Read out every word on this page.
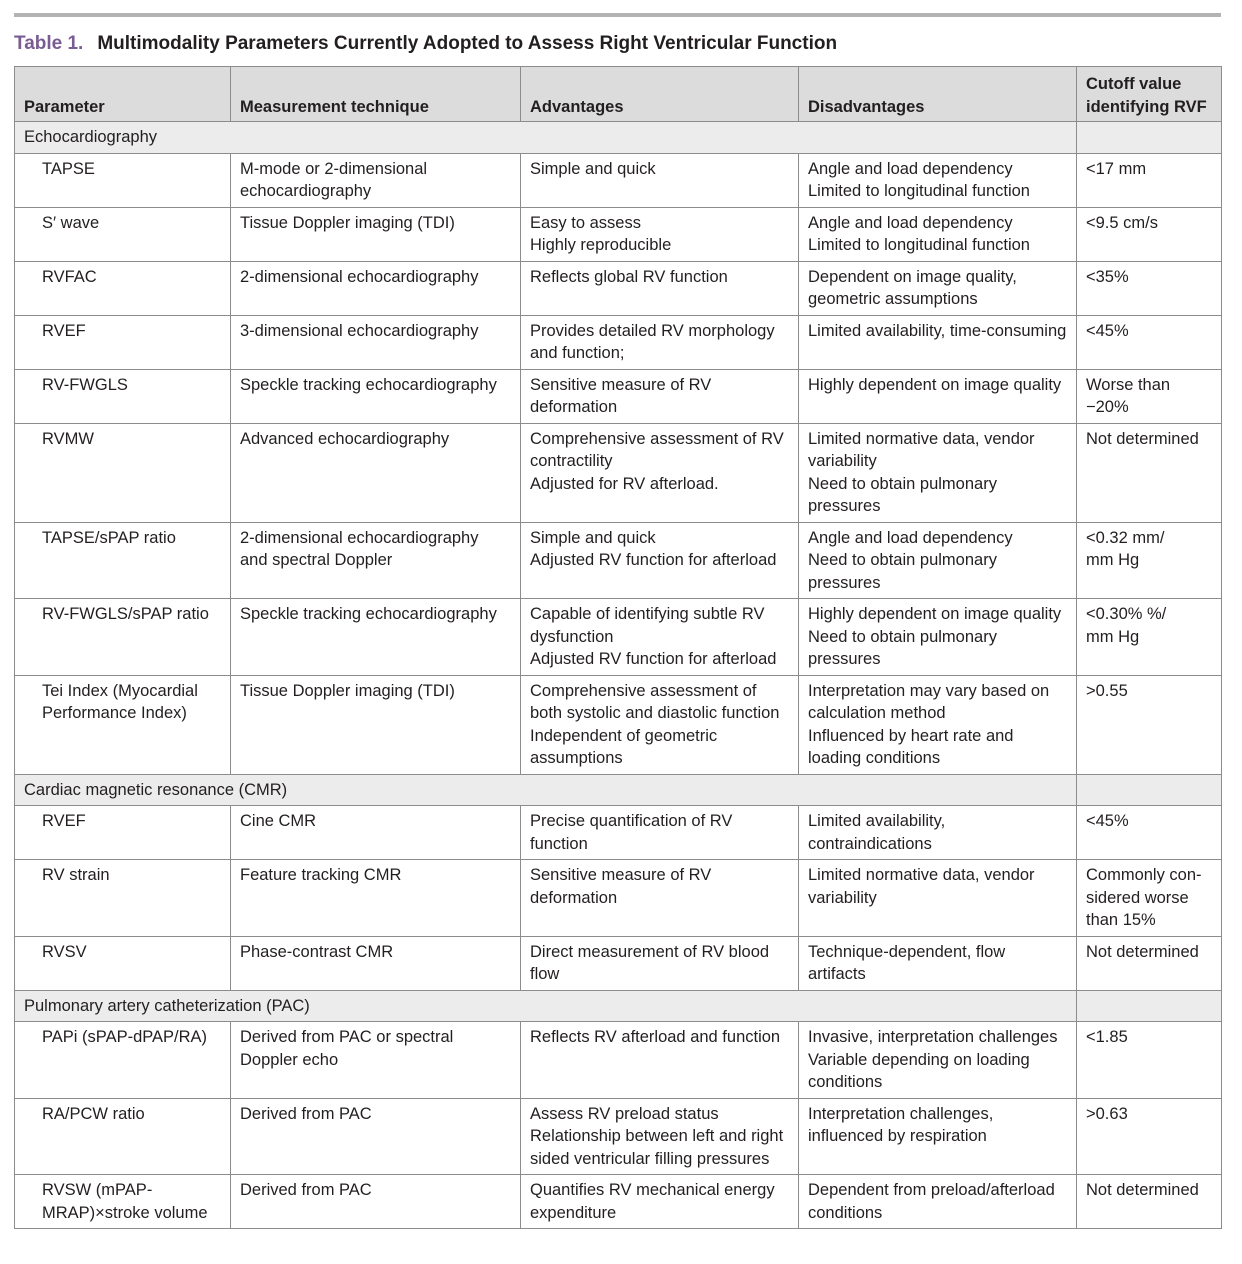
Table 1. Multimodality Parameters Currently Adopted to Assess Right Ventricular Function
Parameter	Measurement technique	Advantages	Disadvantages	Cutoff value
identifying RVF

Echocardiography				

TAPSE	M-mode or 2-dimensional
echocardiography	Simple and quick	Angle and load dependency
Limited to longitudinal function	<17 mm

S′ wave	Tissue Doppler imaging (TDI)	Easy to assess
Highly reproducible	Angle and load dependency
Limited to longitudinal function	<9.5 cm/s

RVFAC	2-dimensional echocardiography	Reflects global RV function	Dependent on image quality,
geometric assumptions	<35%

RVEF	3-dimensional echocardiography	Provides detailed RV morphology
and function;	Limited availability, time-consuming	<45%

RV-FWGLS	Speckle tracking echocardiography	Sensitive measure of RV
deformation	Highly dependent on image quality	Worse than
−20%

RVMW	Advanced echocardiography	Comprehensive assessment of RV
contractility
Adjusted for RV afterload.	Limited normative data, vendor
variability
Need to obtain pulmonary
pressures	Not determined

TAPSE/sPAP ratio	2-dimensional echocardiography
and spectral Doppler	Simple and quick
Adjusted RV function for afterload	Angle and load dependency
Need to obtain pulmonary
pressures	<0.32 mm/
mm Hg

RV-FWGLS/sPAP ratio	Speckle tracking echocardiography	Capable of identifying subtle RV
dysfunction
Adjusted RV function for afterload	Highly dependent on image quality
Need to obtain pulmonary
pressures	<0.30% %/
mm Hg

Tei Index (Myocardial
Performance Index)	Tissue Doppler imaging (TDI)	Comprehensive assessment of
both systolic and diastolic function
Independent of geometric
assumptions	Interpretation may vary based on
calculation method
Influenced by heart rate and
loading conditions	>0.55

Cardiac magnetic resonance (CMR)				

RVEF	Cine CMR	Precise quantification of RV
function	Limited availability,
contraindications	<45%

RV strain	Feature tracking CMR	Sensitive measure of RV
deformation	Limited normative data, vendor
variability	Commonly con-
sidered worse
than 15%

RVSV	Phase-contrast CMR	Direct measurement of RV blood
flow	Technique-dependent, flow
artifacts	Not determined

Pulmonary artery catheterization (PAC)				

PAPi (sPAP-dPAP/RA)	Derived from PAC or spectral
Doppler echo	Reflects RV afterload and function	Invasive, interpretation challenges
Variable depending on loading
conditions	<1.85

RA/PCW ratio	Derived from PAC	Assess RV preload status
Relationship between left and right
sided ventricular filling pressures	Interpretation challenges,
influenced by respiration	>0.63

RVSW (mPAP-
MRAP)×stroke volume	Derived from PAC	Quantifies RV mechanical energy
expenditure	Dependent from preload/afterload
conditions	Not determined
